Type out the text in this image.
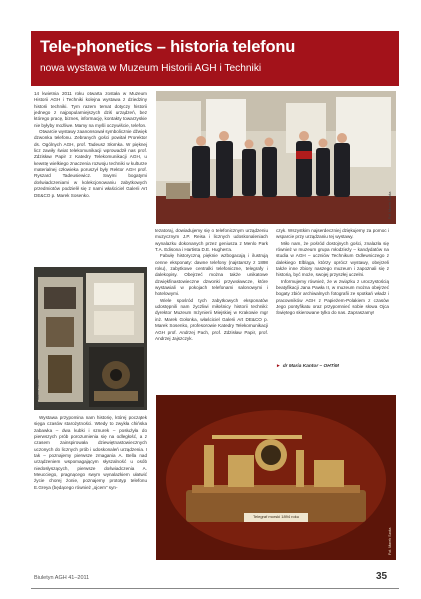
Tele-phonetics – historia telefonu
nowa wystawa w Muzeum Historii AGH i Techniki

14 kwietnia 2011 roku otwarta została w Muzeum Historii AGH i Techniki kolejna wystawa z dziedziny historii techniki. Tym razem temat dotyczy historii jednego z najpopularniejszych dziś urządzeń, bez którego pracę, biznes, informację, kontakty towarzyskie nie byłyby możliwe. Mamy na myśli oczywiście, telefon.

Otwarcie wystawy zaanonsował symbolicznie dźwięk dzwonka telefonu. Zebranych gości powitał Prorektor ds. Ogólnych AGH, prof. Tadeusz Słomka. W pięknej licz zawiły świat telekomunikacji wprowadził nas prof. Zdzisław Papir z Katedry Telekomunikacji AGH, u kewstę wielkiego znaczenia rozwoju techniki w kulturze materialnej człowieka poruszył były Rektor AGH prof. Ryszard Tadeusiewicz. Swymi bogatymi doświadczeniami w kolekcjonowaniu zabytkowych przedmiotów podzielił się z nami właściciel Galerii Art DE&CO p. Marek Sosenko.	Fot. Marek Szota

tezatoraj, dowiadujemy się o telefonicznym urządzeniu muzycznym J.P. Reisa i licznych udoskonaleniach wynalazku dokonanych przez geniusza z Menlo Park T.A. Edisona i Hartista D.E. Hughes'a.

Fabułę historyczną pięknie wzbogacają i ilustrują cenne eksponaty: dawne telefony (najstarszy z 1898 roku), zabytkowe centralki telefoniczne, telegrafy i dalekopisy. Obejrzeć można także unikatowe dzwiękfinastowieczne dzwonki przywoławcze, które wystawiali w pokojach telefonami salonowymi i hotelowymi.

Wiele spośród tych zabytkowych eksponatów udostępnili nam życzliwi miłośnicy historii techniki: dyrektor Muzeum Inżynierii Miejskiej w Krakowie mgr inż. Marek Gołonka, właściciel Galerii Art DE&CO p. Marek Sosenko, profesorowie Katedry Telekomunikacji AGH prof. Andrzej Pach, prof. Zdzisław Papir, prof. Andrzej Jajszczyk.

czyk. Wszystkim najserdeczniej dziękujemy za pomoc i wsparcie przy urządzaniu tej wystawy.

Miło nam, że pośród dostojnych gości, znalazła się również w muzeum grupa młodzieży – kandydatów na studia w AGH – uczniów Technikum Odlewniczego z dalekiego Elbląga, którzy oprócz wystawy, obejrzeli także inne zbiory naszego muzeum i zapoznali się z historią, być może, swojej przyszłej uczelni.

Informujemy również, że w związku z uroczystością beatyfikacji Jana Pawła II, w muzeum można obejrzeć bogaty zbiór archiwalnych fotografii ze spotkań władz i pracowników AGH z Papieżem-Polakiem z czasów Jego pontyfikatu oraz przypomnieć sobie słowa Ojca Świętego skierowane tylko do nas. Zapraszamy!

► dr Maria Kantor – OHTiM
Fot. Marek Szota

Wystawa przypomina nam historię, której początek sięga czasów starożytności. Wtedy to zwykła chińska zabawka – dwa kubki i sznurek – posłużyła do pierwszych prób porozumienia się na odległość, a z czasem zainspirowała dziewiętnastowiecznych uczonych do licznych prób i udoskonaleń urządzenia. I tak – poznajemy pierwsze zmagania A. Bella nad urządzeniem wspomagającym słyszalność u osób niedosłyszących, pierwsze doświadczenia A. Meucciego, pragnącego swym wynalazkiem ułatwić życie chorej żonie, poznajemy prototyp telefonu E.Greya (będącego również „ojcem” syn-

Telegraf morski 1894 roku
Fot. Marek Szota
Biuletyn AGH 41–2011	35
